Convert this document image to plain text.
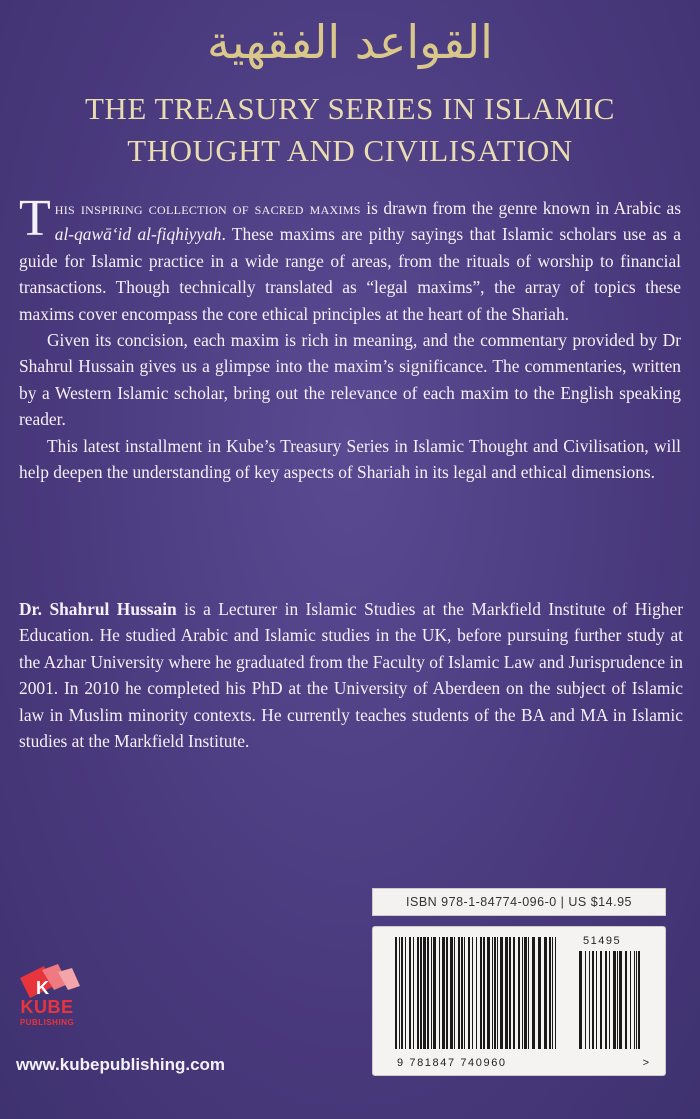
القواعد الفقهية
THE TREASURY SERIES IN ISLAMIC THOUGHT AND CIVILISATION

This inspiring collection of sacred maxims is drawn from the genre known in Arabic as al-qawā‘id al-fiqhiyyah. These maxims are pithy sayings that Islamic scholars use as a guide for Islamic practice in a wide range of areas, from the rituals of worship to financial transactions. Though technically translated as “legal maxims”, the array of topics these maxims cover encompass the core ethical principles at the heart of the Shariah.

Given its concision, each maxim is rich in meaning, and the commentary provided by Dr Shahrul Hussain gives us a glimpse into the maxim’s significance. The commentaries, written by a Western Islamic scholar, bring out the relevance of each maxim to the English speaking reader.

This latest installment in Kube’s Treasury Series in Islamic Thought and Civilisation, will help deepen the understanding of key aspects of Shariah in its legal and ethical dimensions.

Dr. Shahrul Hussain is a Lecturer in Islamic Studies at the Markfield Institute of Higher Education. He studied Arabic and Islamic studies in the UK, before pursuing further study at the Azhar University where he graduated from the Faculty of Islamic Law and Jurisprudence in 2001. In 2010 he completed his PhD at the University of Aberdeen on the subject of Islamic law in Muslim minority contexts. He currently teaches students of the BA and MA in Islamic studies at the Markfield Institute.

ISBN 978-1-84774-096-0 | US $14.95
51495
9 781847 740960	>
K
KUBE
PUBLISHING
www.kubepublishing.com
